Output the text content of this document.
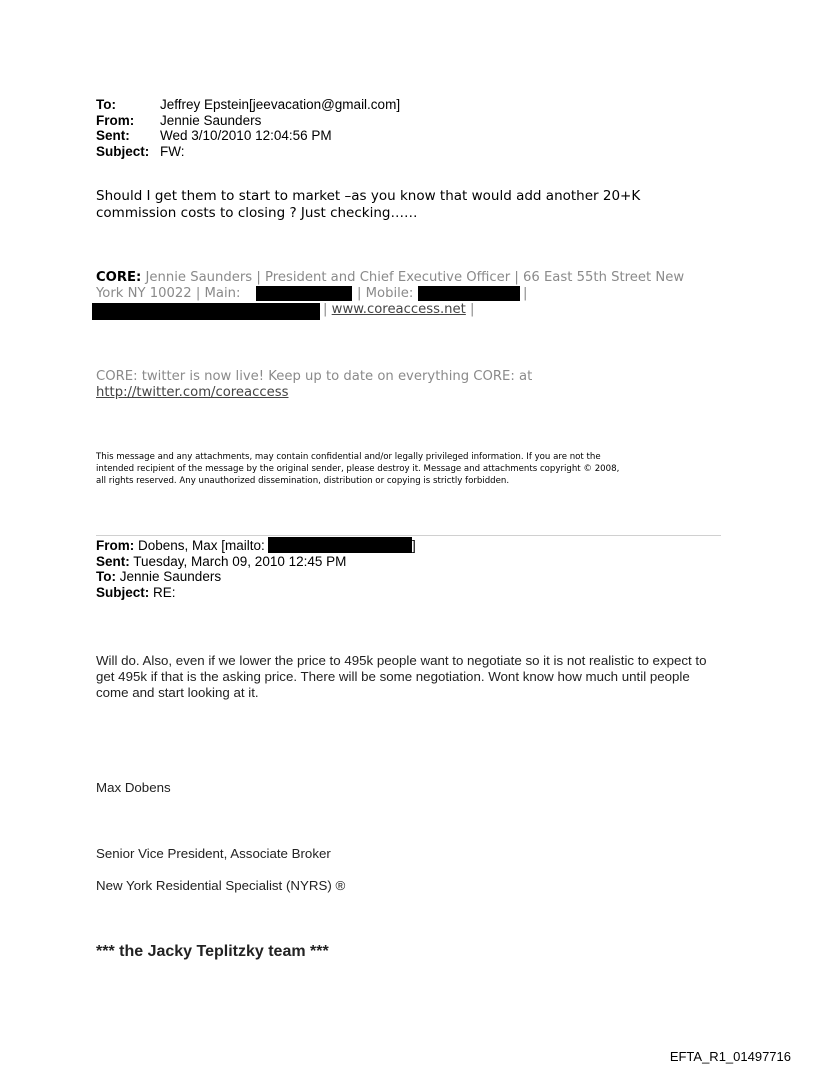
To:	Jeffrey Epstein[jeevacation@gmail.com]
From:	Jennie Saunders
Sent:	Wed 3/10/2010 12:04:56 PM
Subject: FW:
Should I get them to start to market –as you know that would add another 20+K
commission costs to closing ? Just checking……
CORE: Jennie Saunders | President and Chief Executive Officer | 66 East 55th Street New
York NY 10022 | Main:	| Mobile:	|
| www.coreaccess.net |
CORE: twitter is now live! Keep up to date on everything CORE: at
http://twitter.com/coreaccess
This message and any attachments, may contain confidential and/or legally privileged information. If you are not the
intended recipient of the message by the original sender, please destroy it. Message and attachments copyright © 2008,
all rights reserved. Any unauthorized dissemination, distribution or copying is strictly forbidden.
From: Dobens, Max [mailto:
Sent: Tuesday, March 09, 2010 12:45 PM
To: Jennie Saunders
Subject: RE:
]
Will do. Also, even if we lower the price to 495k people want to negotiate so it is not realistic to expect to
get 495k if that is the asking price. There will be some negotiation. Wont know how much until people
come and start looking at it.
Max Dobens
Senior Vice President, Associate Broker
New York Residential Specialist (NYRS) ®
*** the Jacky Teplitzky team ***
EFTA_R1_01497716
